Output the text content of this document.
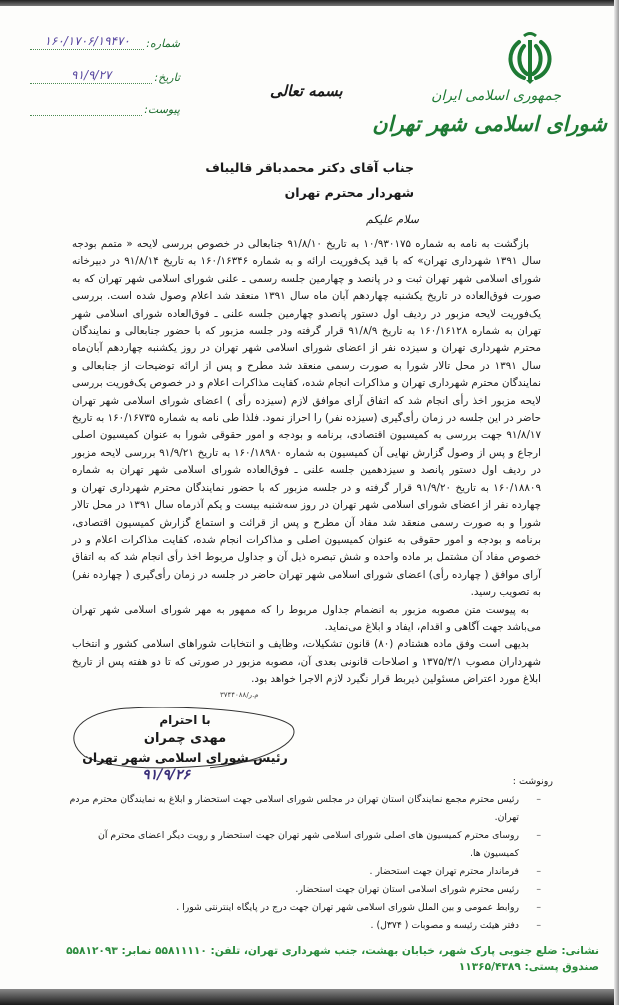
جمهوری اسلامی ایران
شورای اسلامی شهر تهران
بسمه تعالی
شماره:
۱۶۰/۱۷۰۶/۱۹۴۷۰
تاریخ:
۹۱/۹/۲۷
پیوست:
جناب آقای دکتر محمدباقر قالیباف
شهردار محترم تهران
سلام علیکم

بازگشت به نامه به شماره ۱۰/۹۳۰۱۷۵ به تاریخ ۹۱/۸/۱۰ جنابعالی در خصوص بررسی لایحه « متمم بودجه سال ۱۳۹۱ شهرداری تهران» که با قید یک‌فوریت ارائه و به شماره ۱۶۰/۱۶۳۴۶ به تاریخ ۹۱/۸/۱۴ در دبیرخانه شورای اسلامی شهر تهران ثبت و در پانصد و چهارمین جلسه رسمی ـ علنی شورای اسلامی شهر تهران که به صورت فوق‌العاده در تاریخ یکشنبه چهاردهم آبان ماه سال ۱۳۹۱ منعقد شد اعلام وصول شده است. بررسی یک‌فوریت لایحه مزبور در ردیف اول دستور پانصدو چهارمین جلسه علنی ـ فوق‌العاده شورای اسلامی شهر تهران به شماره ۱۶۰/۱۶۱۲۸ به تاریخ ۹۱/۸/۹ قرار گرفته ودر جلسه مزبور که با حضور جنابعالی و نمایندگان محترم شهرداری تهران و سیزده نفر از اعضای شورای اسلامی شهر تهران در روز یکشنبه چهاردهم آبان‌ماه سال ۱۳۹۱ در محل تالار شورا به صورت رسمی منعقد شد مطرح و پس از ارائه توضیحات از جنابعالی و نمایندگان محترم شهرداری تهران و مذاکرات انجام شده، کفایت مذاکرات اعلام و در خصوص یک‌فوریت بررسی لایحه مزبور اخذ رأی انجام شد که اتفاق آرای موافق لازم (سیزده رأی ) اعضای شورای اسلامی شهر تهران حاضر در این جلسه در زمان رأی‌گیری (سیزده نفر) را احراز نمود. فلذا طی نامه به شماره ۱۶۰/۱۶۷۳۵ به تاریخ ۹۱/۸/۱۷ جهت بررسی به کمیسیون اقتصادی، برنامه و بودجه و امور حقوقی شورا به عنوان کمیسیون اصلی ارجاع و پس از وصول گزارش نهایی آن کمیسیون به شماره ۱۶۰/۱۸۹۸۰ به تاریخ ۹۱/۹/۲۱ بررسی لایحه مزبور در ردیف اول دستور پانصد و سیزدهمین جلسه علنی ـ فوق‌العاده شورای اسلامی شهر تهران به شماره ۱۶۰/۱۸۸۰۹ به تاریخ ۹۱/۹/۲۰ قرار گرفته و در جلسه مزبور که با حضور نمایندگان محترم شهرداری تهران و چهارده نفر از اعضای شورای اسلامی شهر تهران در روز سه‌شنبه بیست و یکم آذرماه سال ۱۳۹۱ در محل تالار شورا و به صورت رسمی منعقد شد مفاد آن مطرح و پس از قرائت و استماع گزارش کمیسیون اقتصادی، برنامه و بودجه و امور حقوقی به عنوان کمیسیون اصلی و مذاکرات انجام شده، کفایت مذاکرات اعلام و در خصوص مفاد آن مشتمل بر ماده واحده و شش تبصره ذیل آن و جداول مربوط اخذ رأی انجام شد که به اتفاق آرای موافق ( چهارده رأی) اعضای شورای اسلامی شهر تهران حاضر در جلسه در زمان رأی‌گیری ( چهارده نفر) به تصویب رسید.

به پیوست متن مصوبه مزبور به انضمام جداول مربوط را که ممهور به مهر شورای اسلامی شهر تهران می‌باشد جهت آگاهی و اقدام، ایفاد و ابلاغ می‌نماید.

بدیهی است وفق ماده هشتادم (۸۰) قانون تشکیلات، وظایف و انتخابات شوراهای اسلامی کشور و انتخاب شهرداران مصوب ۱۳۷۵/۳/۱ و اصلاحات قانونی بعدی آن، مصوبه مزبور در صورتی که تا دو هفته پس از تاریخ ابلاغ مورد اعتراض مسئولین ذیربط قرار نگیرد لازم الاجرا خواهد بود.

م.ر/۳۷۴۴۰۸۸
با احترام
مهدی چمران
رئیس شورای اسلامی شهر تهران
۹۱/۹/۲۶	رونوشت :
–
رئیس محترم مجمع نمایندگان استان تهران در مجلس شورای اسلامی جهت استحضار و ابلاغ به نمایندگان محترم مردم تهران.
–
روسای محترم کمیسیون های اصلی شورای اسلامی شهر تهران جهت استحضار و رویت دیگر اعضای محترم آن کمیسیون ها.
–
فرماندار محترم تهران جهت استحضار .
–
رئیس محترم شورای اسلامی استان تهران جهت استحضار.
–
روابط عمومی و بین الملل شورای اسلامی شهر تهران جهت درج در پایگاه اینترنتی شورا .
–
دفتر هیئت رئیسه و مصوبات ( ۳۷۴ل) .
نشانی: ضلع جنوبی پارک شهر، خیابان بهشت، جنب شهرداری تهران، تلفن: ۵۵۸۱۱۱۱۰ نمابر: ۵۵۸۱۲۰۹۳ صندوق پستی: ۱۱۳۶۵/۴۳۸۹
